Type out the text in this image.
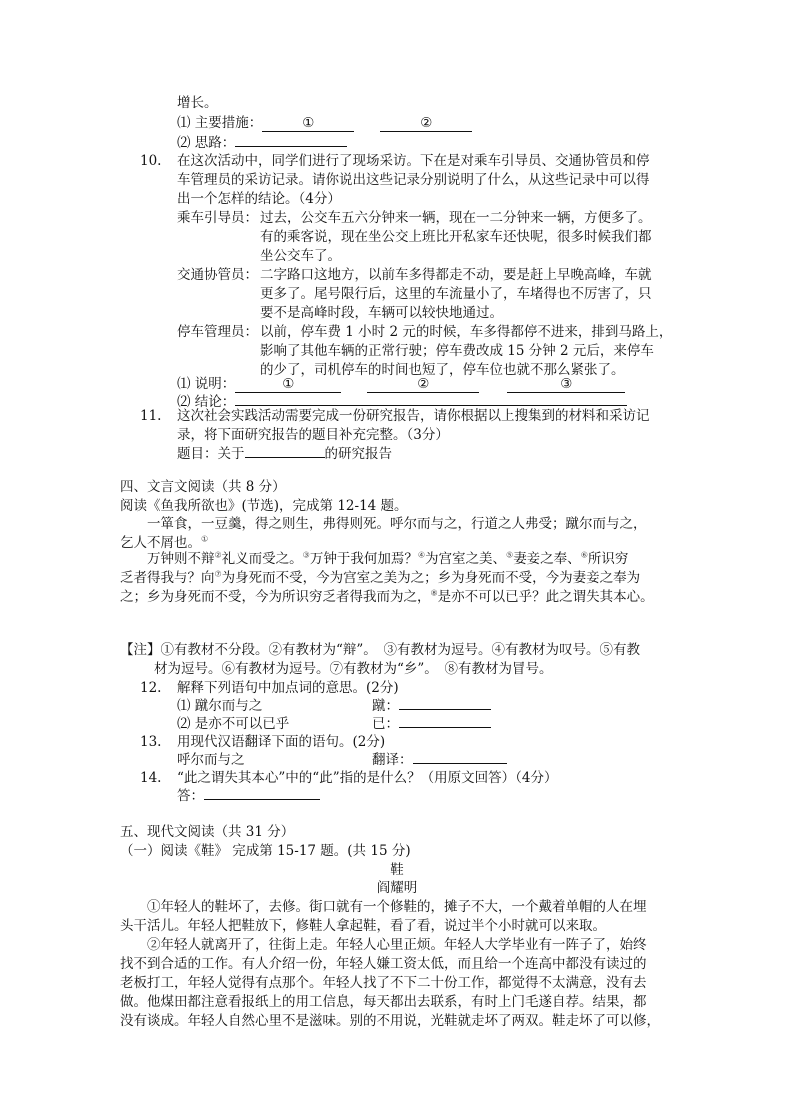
增长。
⑴ 主要措施：	①	②
⑵ 思路：
10. 在这次活动中，同学们进行了现场采访。下在是对乘车引导员、交通协管员和停
车管理员的采访记录。请你说出这些记录分别说明了什么，从这些记录中可以得
出一个怎样的结论。（4分）
乘车引导员： 过去，公交车五六分钟来一辆，现在一二分钟来一辆，方便多了。
有的乘客说，现在坐公交上班比开私家车还快呢，很多时候我们都
坐公交车了。
交通协管员： 二字路口这地方，以前车多得都走不动，要是赶上早晚高峰，车就
更多了。尾号限行后，这里的车流量小了，车堵得也不厉害了，只
要不是高峰时段，车辆可以较快地通过。
停车管理员： 以前，停车费 1 小时 2 元的时候，车多得都停不进来，排到马路上，
影响了其他车辆的正常行驶；停车费改成 15 分钟 2 元后，来停车
的少了，司机停车的时间也短了，停车位也就不那么紧张了。
⑴ 说明：	①	②	③
⑵ 结论：
11. 这次社会实践活动需要完成一份研究报告，请你根据以上搜集到的材料和采访记
录，将下面研究报告的题目补充完整。（3分）
题目：关于	的研究报告
四、文言文阅读（共 8 分）
阅读《鱼我所欲也》(节选)，完成第 12-14 题。
一箪食，一豆羹，得之则生，弗得则死。呼尔而与之，行道之人弗受；蹴尔而与之，
乞人不屑也。①
万钟则不辩②礼义而受之。③万钟于我何加焉？④为宫室之美、⑤妻妾之奉、⑥所识穷
乏者得我与？向⑦为身死而不受，今为宫室之美为之；乡为身死而不受，今为妻妾之奉为
之；乡为身死而不受，今为所识穷乏者得我而为之，⑧是亦不可以已乎？此之谓失其本心。
【注】①有教材不分段。②有教材为“辩”。　③有教材为逗号。④有教材为叹号。⑤有教
材为逗号。⑥有教材为逗号。⑦有教材为“乡”。　⑧有教材为冒号。
12. 解释下列语句中加点词的意思。(2分)
⑴ 蹴尔而与之	蹴：
⑵ 是亦不可以已乎	已：
13. 用现代汉语翻译下面的语句。(2分)
呼尔而与之	翻译：
14. “此之谓失其本心”中的“此”指的是什么？（用原文回答）（4分）
答：
五、现代文阅读（共 31 分）
（一）阅读《鞋》 完成第 15-17 题。(共 15 分)
鞋
阎耀明
①年轻人的鞋坏了，去修。街口就有一个修鞋的，摊子不大，一个戴着单帽的人在埋
头干活儿。年轻人把鞋放下，修鞋人拿起鞋，看了看，说过半个小时就可以来取。
②年轻人就离开了，往街上走。年轻人心里正烦。年轻人大学毕业有一阵子了，始终
找不到合适的工作。有人介绍一份，年轻人嫌工资太低，而且给一个连高中都没有读过的
老板打工，年轻人觉得有点那个。年轻人找了不下二十份工作，都觉得不太满意，没有去
做。他煤田都注意看报纸上的用工信息，每天都出去联系，有时上门毛遂自荐。结果，都
没有谈成。年轻人自然心里不是滋味。别的不用说，光鞋就走坏了两双。鞋走坏了可以修，
